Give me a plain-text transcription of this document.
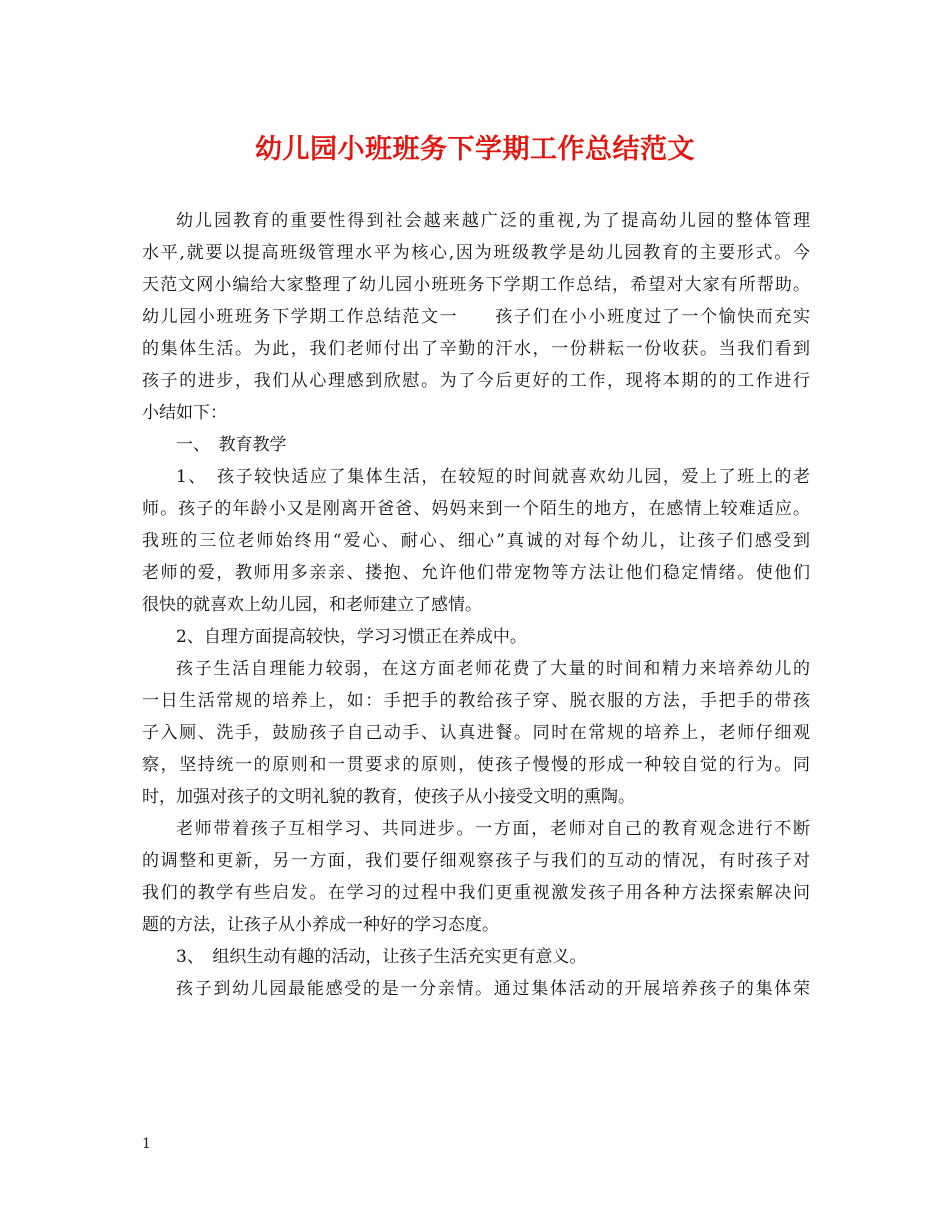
幼儿园小班班务下学期工作总结范文
幼儿园教育的重要性得到社会越来越广泛的重视,为了提高幼儿园的整体管理
水平,就要以提高班级管理水平为核心,因为班级教学是幼儿园教育的主要形式。今
天范文网小编给大家整理了幼儿园小班班务下学期工作总结，希望对大家有所帮助。
幼儿园小班班务下学期工作总结范文一　　孩子们在小小班度过了一个愉快而充实
的集体生活。为此，我们老师付出了辛勤的汗水，一份耕耘一份收获。当我们看到
孩子的进步，我们从心理感到欣慰。为了今后更好的工作，现将本期的的工作进行
小结如下：
一、　教育教学
1、　孩子较快适应了集体生活，在较短的时间就喜欢幼儿园，爱上了班上的老
师。孩子的年龄小又是刚离开爸爸、妈妈来到一个陌生的地方，在感情上较难适应。
我班的三位老师始终用“爱心、耐心、细心”真诚的对每个幼儿，让孩子们感受到
老师的爱，教师用多亲亲、搂抱、允许他们带宠物等方法让他们稳定情绪。使他们
很快的就喜欢上幼儿园，和老师建立了感情。
2、自理方面提高较快，学习习惯正在养成中。
孩子生活自理能力较弱，在这方面老师花费了大量的时间和精力来培养幼儿的
一日生活常规的培养上，如：手把手的教给孩子穿、脱衣服的方法，手把手的带孩
子入厕、洗手，鼓励孩子自己动手、认真进餐。同时在常规的培养上，老师仔细观
察，坚持统一的原则和一贯要求的原则，使孩子慢慢的形成一种较自觉的行为。同
时，加强对孩子的文明礼貌的教育，使孩子从小接受文明的熏陶。
老师带着孩子互相学习、共同进步。一方面，老师对自己的教育观念进行不断
的调整和更新，另一方面，我们要仔细观察孩子与我们的互动的情况，有时孩子对
我们的教学有些启发。在学习的过程中我们更重视激发孩子用各种方法探索解决问
题的方法，让孩子从小养成一种好的学习态度。
3、　组织生动有趣的活动，让孩子生活充实更有意义。
孩子到幼儿园最能感受的是一分亲情。通过集体活动的开展培养孩子的集体荣
1
